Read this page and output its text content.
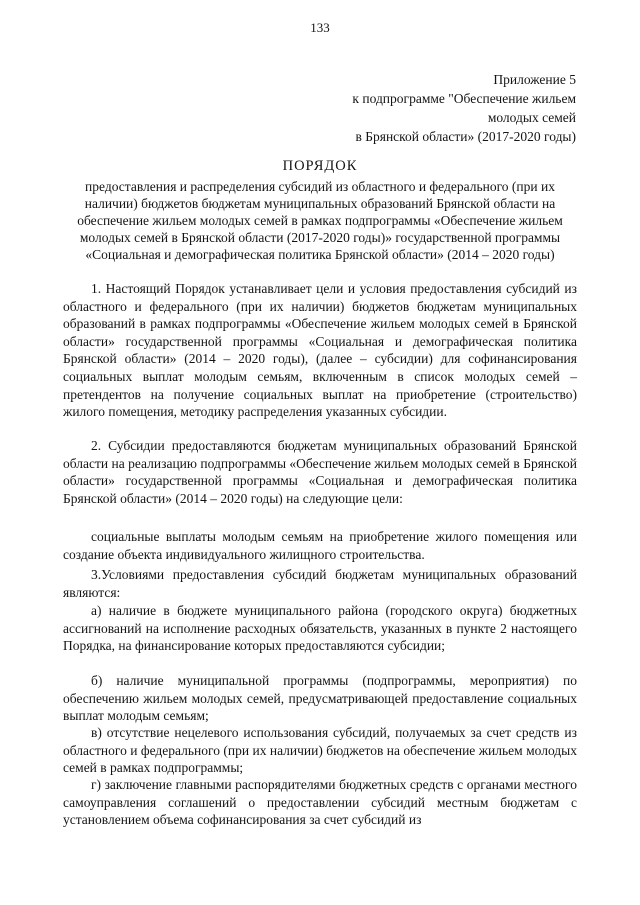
133
Приложение 5
к подпрограмме "Обеспечение жильем
молодых семей
в Брянской области» (2017-2020 годы)
ПОРЯДОК
предоставления и распределения субсидий из областного и федерального (при их
наличии) бюджетов бюджетам муниципальных образований Брянской области на
обеспечение жильем молодых семей в рамках подпрограммы «Обеспечение жильем
молодых семей в Брянской области (2017-2020 годы)» государственной программы
«Социальная и демографическая политика Брянской области» (2014 – 2020 годы)

1. Настоящий Порядок устанавливает цели и условия предоставления субсидий из областного и федерального (при их наличии) бюджетов бюджетам муниципальных образований в рамках подпрограммы «Обеспечение жильем молодых семей в Брянской области» государственной программы «Социальная и демографическая политика Брянской области» (2014 – 2020 годы), (далее – субсидии) для софинансирования социальных выплат молодым семьям, включенным в список молодых семей – претендентов на получение социальных выплат на приобретение (строительство) жилого помещения, методику распределения указанных субсидии.

2. Субсидии предоставляются бюджетам муниципальных образований Брянской области на реализацию подпрограммы «Обеспечение жильем молодых семей в Брянской области» государственной программы «Социальная и демографическая политика Брянской области» (2014 – 2020 годы) на следующие цели:

социальные выплаты молодым семьям на приобретение жилого помещения или создание объекта индивидуального жилищного строительства.

3.Условиями предоставления субсидий бюджетам муниципальных образований являются:

а) наличие в бюджете муниципального района (городского округа) бюджетных ассигнований на исполнение расходных обязательств, указанных в пункте 2 настоящего Порядка, на финансирование которых предоставляются субсидии;

б) наличие муниципальной программы (подпрограммы, мероприятия) по обеспечению жильем молодых семей, предусматривающей предоставление социальных выплат молодым семьям;

в) отсутствие нецелевого использования субсидий, получаемых за счет средств из областного и федерального (при их наличии) бюджетов на обеспечение жильем молодых семей в рамках подпрограммы;

г) заключение главными распорядителями бюджетных средств с органами местного самоуправления соглашений о предоставлении субсидий местным бюджетам с установлением объема софинансирования за счет субсидий из
